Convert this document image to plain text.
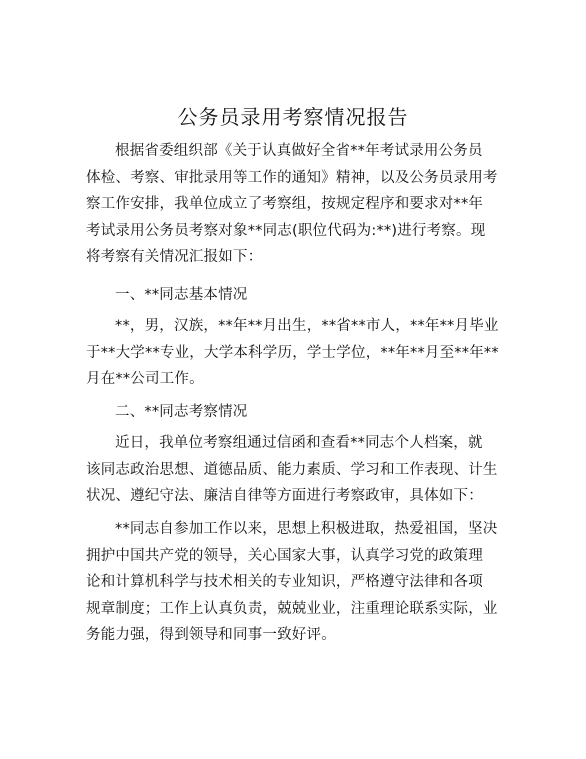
公务员录用考察情况报告
根据省委组织部《关于认真做好全省**年考试录用公务员
体检、考察、审批录用等工作的通知》精神，以及公务员录用考
察工作安排，我单位成立了考察组，按规定程序和要求对**年
考试录用公务员考察对象**同志(职位代码为:**)进行考察。现
将考察有关情况汇报如下：
一、**同志基本情况
**，男，汉族，**年**月出生，**省**市人，**年**月毕业
于**大学**专业，大学本科学历，学士学位，**年**月至**年**
月在**公司工作。
二、**同志考察情况
近日，我单位考察组通过信函和查看**同志个人档案，就
该同志政治思想、道德品质、能力素质、学习和工作表现、计生
状况、遵纪守法、廉洁自律等方面进行考察政审，具体如下：
**同志自参加工作以来，思想上积极进取，热爱祖国，坚决
拥护中国共产党的领导，关心国家大事，认真学习党的政策理
论和计算机科学与技术相关的专业知识，严格遵守法律和各项
规章制度；工作上认真负责，兢兢业业，注重理论联系实际，业
务能力强，得到领导和同事一致好评。
